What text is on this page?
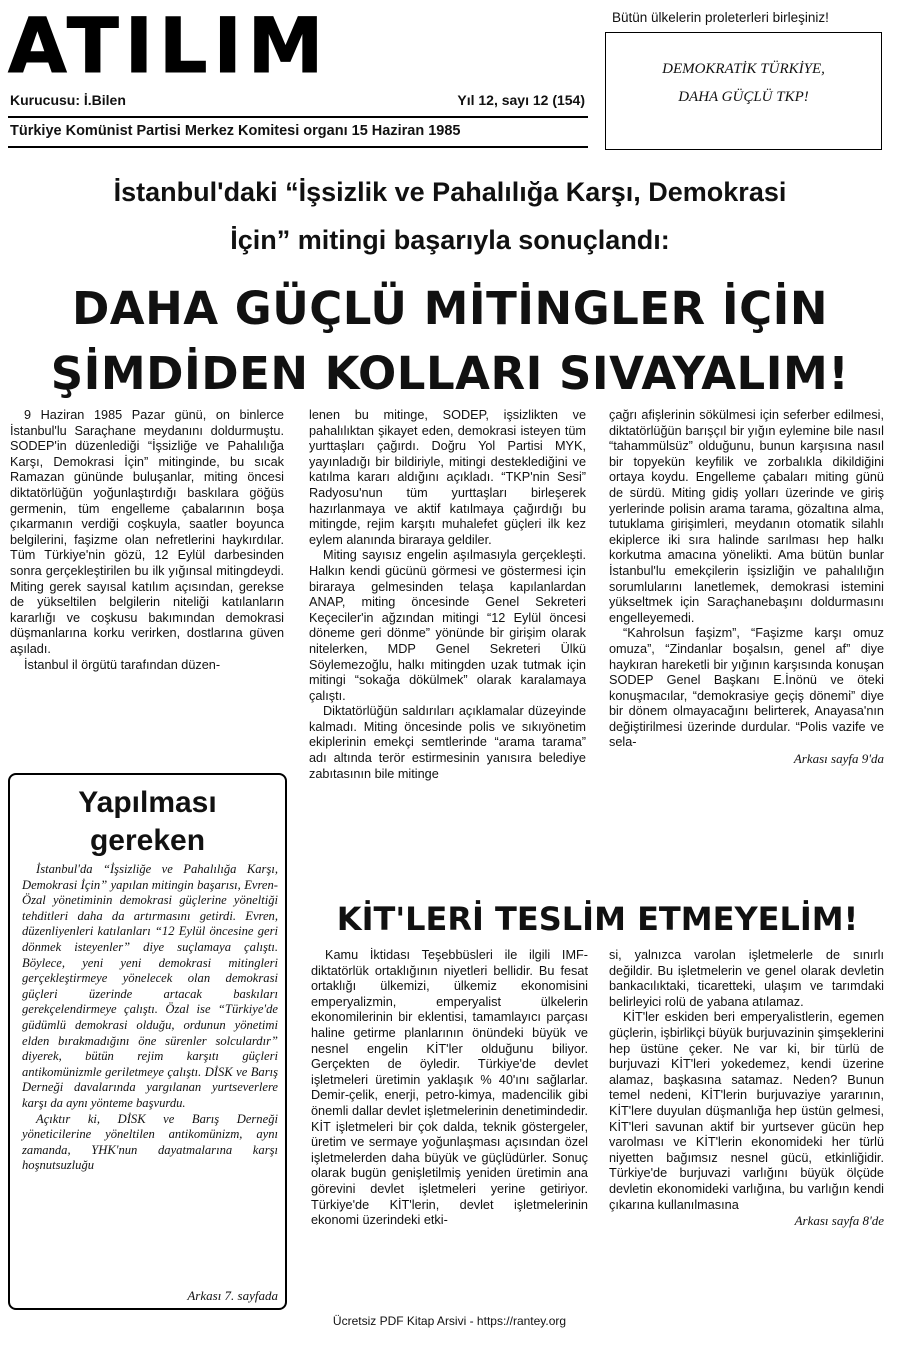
ATILIM
Kurucusu: İ.Bilen	Yıl 12, sayı 12 (154)
Türkiye Komünist Partisi Merkez Komitesi organı 15 Haziran 1985
Bütün ülkelerin proleterleri birleşiniz!
DEMOKRATİK TÜRKİYE,
DAHA GÜÇLÜ TKP!
İstanbul'daki “İşsizlik ve Pahalılığa Karşı, Demokrasi
İçin” mitingi başarıyla sonuçlandı:
DAHA GÜÇLÜ MİTİNGLER İÇİN
ŞİMDİDEN KOLLARI SIVAYALIM!

9 Haziran 1985 Pazar günü, on binlerce İstanbul'lu Saraçhane meydanını doldurmuştu. SODEP'in düzenlediği “İşsizliğe ve Pahalılığa Karşı, Demokrasi İçin” mitinginde, bu sıcak Ramazan gününde buluşanlar, miting öncesi diktatörlüğün yoğunlaştırdığı baskılara göğüs germenin, tüm engelleme çabalarının boşa çıkarmanın verdiği coşkuyla, saatler boyunca belgilerini, faşizme olan nefretlerini haykırdılar. Tüm Türkiye'nin gözü, 12 Eylül darbesinden sonra gerçekleştirilen bu ilk yığınsal mitingdeydi. Miting gerek sayısal katılım açısından, gerekse de yükseltilen belgilerin niteliği katılanların kararlığı ve coşkusu bakımından demokrasi düşmanlarına korku verirken, dostlarına güven aşıladı.

İstanbul il örgütü tarafından düzen-

lenen bu mitinge, SODEP, işsizlikten ve pahalılıktan şikayet eden, demokrasi isteyen tüm yurttaşları çağırdı. Doğru Yol Partisi MYK, yayınladığı bir bildiriyle, mitingi desteklediğini ve katılma kararı aldığını açıkladı. “TKP'nin Sesi” Radyosu'nun tüm yurttaşları birleşerek hazırlanmaya ve aktif katılmaya çağırdığı bu mitingde, rejim karşıtı muhalefet güçleri ilk kez eylem alanında biraraya geldiler.

Miting sayısız engelin aşılmasıyla gerçekleşti. Halkın kendi gücünü görmesi ve göstermesi için biraraya gelmesinden telaşa kapılanlardan ANAP, miting öncesinde Genel Sekreteri Keçeciler'in ağzından mitingi “12 Eylül öncesi döneme geri dönme” yönünde bir girişim olarak nitelerken, MDP Genel Sekreteri Ülkü Söylemezoğlu, halkı mitingden uzak tutmak için mitingi “sokağa dökülmek” olarak karalamaya çalıştı.

Diktatörlüğün saldırıları açıklamalar düzeyinde kalmadı. Miting öncesinde polis ve sıkıyönetim ekiplerinin emekçi semtlerinde “arama tarama” adı altında terör estirmesinin yanısıra belediye zabıtasının bile mitinge

çağrı afişlerinin sökülmesi için seferber edilmesi, diktatörlüğün barışçıl bir yığın eylemine bile nasıl “tahammülsüz” olduğunu, bunun karşısına nasıl bir topyekün keyfilik ve zorbalıkla dikildiğini ortaya koydu. Engelleme çabaları miting günü de sürdü. Miting gidiş yolları üzerinde ve giriş yerlerinde polisin arama tarama, gözaltına alma, tutuklama girişimleri, meydanın otomatik silahlı ekiplerce iki sıra halinde sarılması hep halkı korkutma amacına yönelikti. Ama bütün bunlar İstanbul'lu emekçilerin işsizliğin ve pahalılığın sorumlularını lanetlemek, demokrasi istemini yükseltmek için Saraçhanebaşını doldurmasını engelleyemedi.

“Kahrolsun faşizm”, “Faşizme karşı omuz omuza”, “Zindanlar boşalsın, genel af” diye haykıran hareketli bir yığının karşısında konuşan SODEP Genel Başkanı E.İnönü ve öteki konuşmacılar, “demokrasiye geçiş dönemi” diye bir dönem olmayacağını belirterek, Anayasa'nın değiştirilmesi üzerinde durdular. “Polis vazife ve sela-

Arkası sayfa 9'da
Yapılması
gereken

İstanbul'da “İşsizliğe ve Pahalılığa Karşı, Demokrasi İçin” yapılan mitingin başarısı, Evren-Özal yönetiminin demokrasi güçlerine yöneltiği tehditleri daha da artırmasını getirdi. Evren, düzenliyenleri katılanları “12 Eylül öncesine geri dönmek isteyenler” diye suçlamaya çalıştı. Böylece, yeni yeni demokrasi mitingleri gerçekleştirmeye yönelecek olan demokrasi güçleri üzerinde artacak baskıları gerekçelendirmeye çalıştı. Özal ise “Türkiye'de güdümlü demokrasi olduğu, ordunun yönetimi elden bırakmadığını öne sürenler solculardır” diyerek, bütün rejim karşıtı güçleri antikomünizmle geriletmeye çalıştı. DİSK ve Barış Derneği davalarında yargılanan yurtseverlere karşı da aynı yönteme başvurdu.

Açıktır ki, DİSK ve Barış Derneği yöneticilerine yöneltilen antikomünizm, aynı zamanda, YHK'nun dayatmalarına karşı hoşnutsuzluğu

Arkası 7. sayfada
KİT'LERİ TESLİM ETMEYELİM!

Kamu İktidası Teşebbüsleri ile ilgili IMF-diktatörlük ortaklığının niyetleri bellidir. Bu fesat ortaklığı ülkemizi, ülkemiz ekonomisini emperyalizmin, emperyalist ülkelerin ekonomilerinin bir eklentisi, tamamlayıcı parçası haline getirme planlarının önündeki büyük ve nesnel engelin KİT'ler olduğunu biliyor. Gerçekten de öyledir. Türkiye'de devlet işletmeleri üretimin yaklaşık % 40'ını sağlarlar. Demir-çelik, enerji, petro-kimya, madencilik gibi önemli dallar devlet işletmelerinin denetimindedir. KİT işletmeleri bir çok dalda, teknik göstergeler, üretim ve sermaye yoğunlaşması açısından özel işletmelerden daha büyük ve güçlüdürler. Sonuç olarak bugün genişletilmiş yeniden üretimin ana görevini devlet işletmeleri yerine getiriyor. Türkiye'de KİT'lerin, devlet işletmelerinin ekonomi üzerindeki etki-

si, yalnızca varolan işletmelerle de sınırlı değildir. Bu işletmelerin ve genel olarak devletin bankacılıktaki, ticaretteki, ulaşım ve tarımdaki belirleyici rolü de yabana atılamaz.

KİT'ler eskiden beri emperyalistlerin, egemen güçlerin, işbirlikçi büyük burjuvazinin şimşeklerini hep üstüne çeker. Ne var ki, bir türlü de burjuvazi KİT'leri yokedemez, kendi üzerine alamaz, başkasına satamaz. Neden? Bunun temel nedeni, KİT'lerin burjuvaziye yararının, KİT'lere duyulan düşmanlığa hep üstün gelmesi, KİT'leri savunan aktif bir yurtsever gücün hep varolması ve KİT'lerin ekonomideki her türlü niyetten bağımsız nesnel gücü, etkinliğidir. Türkiye'de burjuvazi varlığını büyük ölçüde devletin ekonomideki varlığına, bu varlığın kendi çıkarına kullanılmasına

Arkası sayfa 8'de
Ücretsiz PDF Kitap Arsivi - https://rantey.org
